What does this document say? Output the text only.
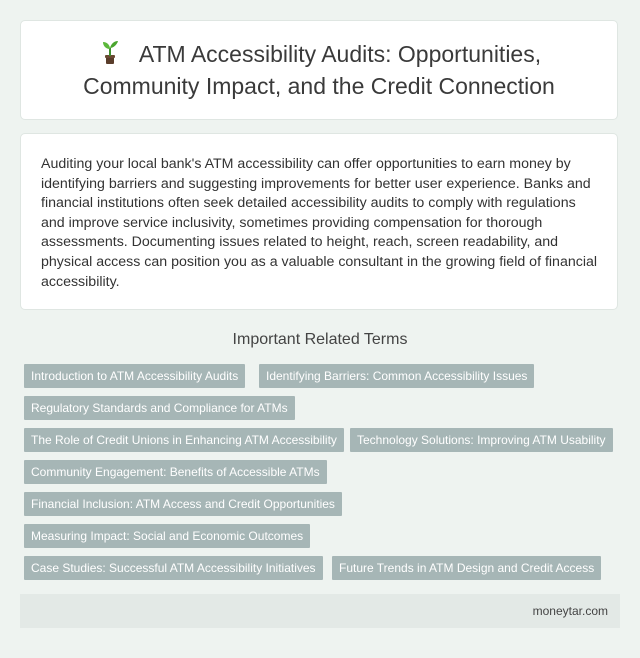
ATM Accessibility Audits: Opportunities, Community Impact, and the Credit Connection

Auditing your local bank's ATM accessibility can offer opportunities to earn money by identifying barriers and suggesting improvements for better user experience. Banks and financial institutions often seek detailed accessibility audits to comply with regulations and improve service inclusivity, sometimes providing compensation for thorough assessments. Documenting issues related to height, reach, screen readability, and physical access can position you as a valuable consultant in the growing field of financial accessibility.

Important Related Terms
Introduction to ATM Accessibility Audits	Identifying Barriers: Common Accessibility Issues
Regulatory Standards and Compliance for ATMs
The Role of Credit Unions in Enhancing ATM Accessibility	Technology Solutions: Improving ATM Usability
Community Engagement: Benefits of Accessible ATMs
Financial Inclusion: ATM Access and Credit Opportunities
Measuring Impact: Social and Economic Outcomes
Case Studies: Successful ATM Accessibility Initiatives	Future Trends in ATM Design and Credit Access
moneytar.com
